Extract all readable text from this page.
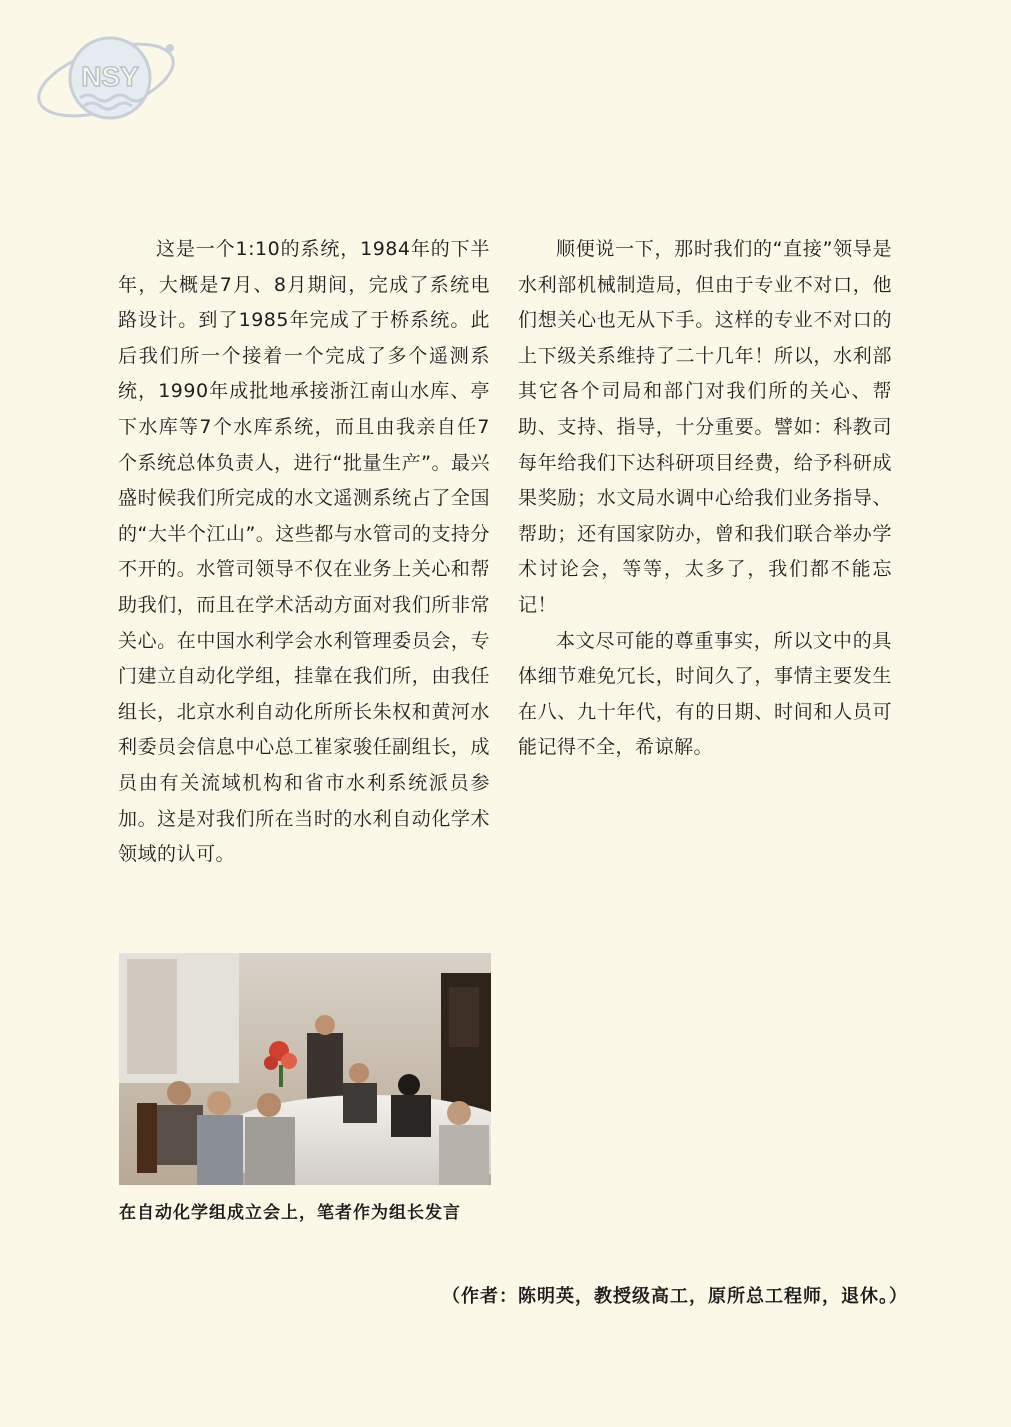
NSY

这是一个1:10的系统，1984年的下半年，大概是7月、8月期间，完成了系统电路设计。到了1985年完成了于桥系统。此后我们所一个接着一个完成了多个遥测系统，1990年成批地承接浙江南山水库、亭下水库等7个水库系统，而且由我亲自任7个系统总体负责人，进行“批量生产”。最兴盛时候我们所完成的水文遥测系统占了全国的“大半个江山”。这些都与水管司的支持分不开的。水管司领导不仅在业务上关心和帮助我们，而且在学术活动方面对我们所非常关心。在中国水利学会水利管理委员会，专门建立自动化学组，挂靠在我们所，由我任组长，北京水利自动化所所长朱权和黄河水利委员会信息中心总工崔家骏任副组长，成员由有关流域机构和省市水利系统派员参加。这是对我们所在当时的水利自动化学术领域的认可。

顺便说一下，那时我们的“直接”领导是水利部机械制造局，但由于专业不对口，他们想关心也无从下手。这样的专业不对口的上下级关系维持了二十几年！所以，水利部其它各个司局和部门对我们所的关心、帮助、支持、指导，十分重要。譬如：科教司每年给我们下达科研项目经费，给予科研成果奖励；水文局水调中心给我们业务指导、帮助；还有国家防办，曾和我们联合举办学术讨论会，等等，太多了，我们都不能忘记！

本文尽可能的尊重事实，所以文中的具体细节难免冗长，时间久了，事情主要发生在八、九十年代，有的日期、时间和人员可能记得不全，希谅解。

在自动化学组成立会上，笔者作为组长发言
（作者：陈明英，教授级高工，原所总工程师，退休。）
